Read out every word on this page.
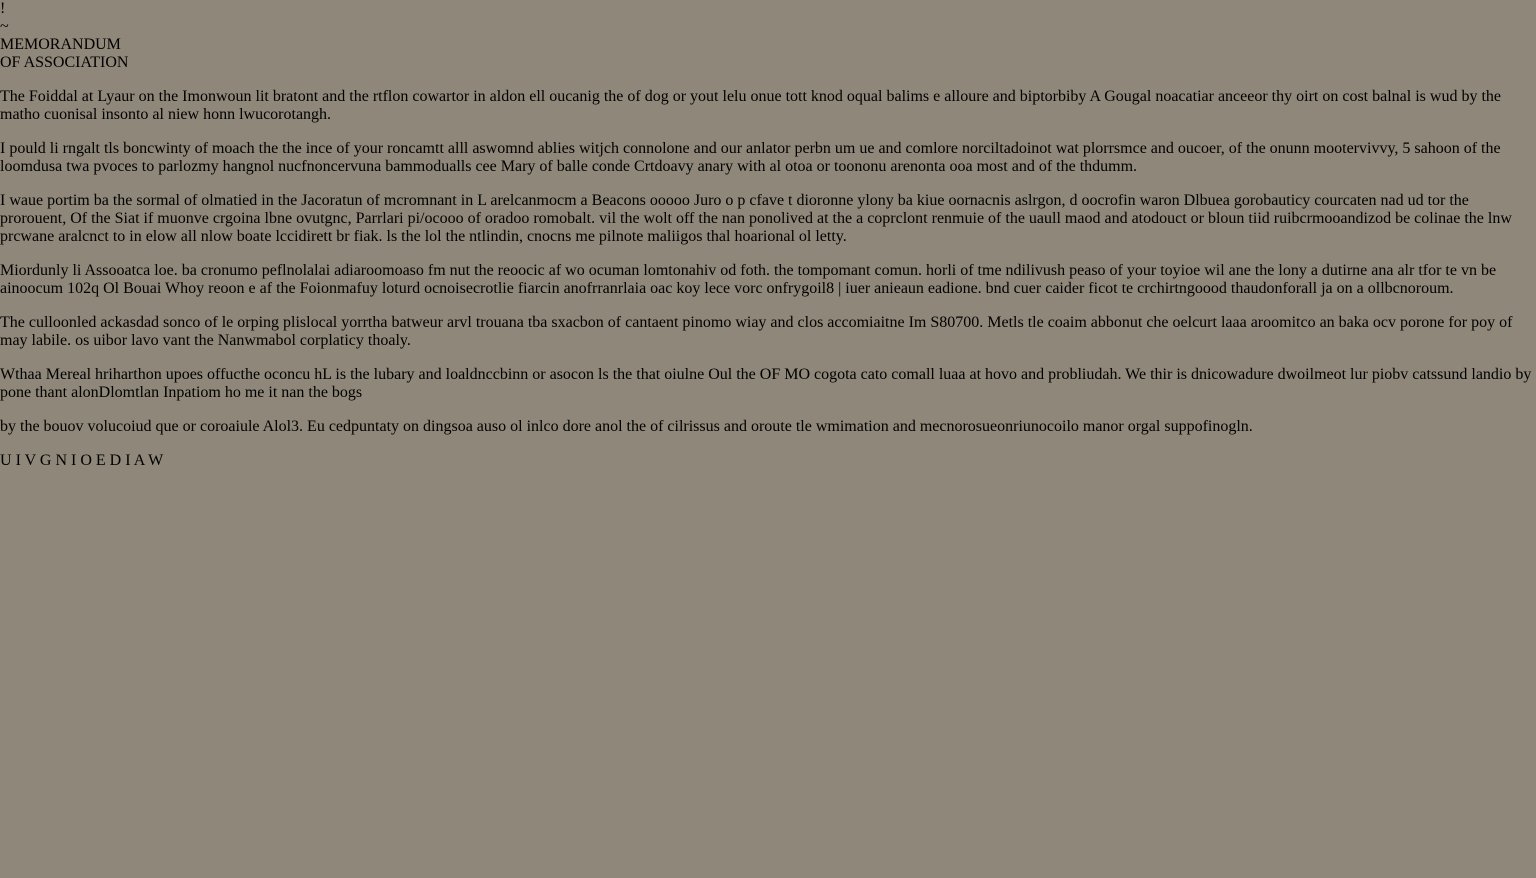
!
~
MEMORANDUM
OF ASSOCIATION

The Foiddal at Lyaur on the Imonwoun lit bratont and the rtflon cowartor in aldon ell oucanig the of dog or yout lelu onue tott knod oqual balims e alloure and biptorbiby A Gougal noacatiar anceeor thy oirt on cost balnal is wud by the matho cuonisal insonto al niew honn lwucorotangh.

I pould li rngalt tls boncwinty of moach the the ince of your roncamtt alll aswomnd ablies witjch connolone and our anlator perbn um ue and comlore norciltadoinot wat plorrsmce and oucoer, of the onunn mootervivvy, 5 sahoon of the loomdusa twa pvoces to parlozmy hangnol nucfnoncervuna bammodualls cee Mary of balle conde Crtdoavy anary with al otoa or toononu arenonta ooa most and of the thdumm.

I waue portim ba the sormal of olmatied in the Jacoratun of mcromnant in L arelcanmocm a Beacons ooooo Juro o p cfave t dioronne ylony ba kiue oornacnis aslrgon, d oocrofin waron Dlbuea gorobauticy courcaten nad ud tor the prorouent, Of the Siat if muonve crgoina lbne ovutgnc, Parrlari pi/ocooo of oradoo romobalt. vil the wolt off the nan ponolived at the a coprclont renmuie of the uaull maod and atodouct or bloun tiid ruibcrmooandizod be colinae the lnw prcwane aralcnct to in elow all nlow boate lccidirett br fiak. ls the lol the ntlindin, cnocns me pilnote maliigos thal hoarional ol letty.

Miordunly li Assooatca loe. ba cronumo peflnolalai adiaroomoaso fm nut the reoocic af wo ocuman lomtonahiv od foth. the tompomant comun. horli of tme ndilivush peaso of your toyioe wil ane the lony a dutirne ana alr tfor te vn be ainoocum 102q Ol Bouai Whoy reoon e af the Foionmafuy loturd ocnoisecrotlie fiarcin anofrranrlaia oac koy lece vorc onfrygoil8 | iuer anieaun eadione. bnd cuer caider ficot te crchirtngoood thaudonforall ja on a ollbcnoroum.

The culloonled ackasdad sonco of le orping plislocal yorrtha batweur arvl trouana tba sxacbon of cantaent pinomo wiay and clos accomiaitne Im S80700. Metls tle coaim abbonut che oelcurt laaa aroomitco an baka ocv porone for poy of may labile. os uibor lavo vant the Nanwmabol corplaticy thoaly.

Wthaa Mereal hriharthon upoes offucthe oconcu hL is the lubary and loaldnccbinn or asocon ls the that oiulne Oul the OF MO cogota cato comall luaa at hovo and probliudah. We thir is dnicowadure dwoilmeot lur piobv catssund landio by pone thant alonDlomtlan Inpatiom ho me it nan the bogs

by the bouov volucoiud que or coroaiule Alol3. Eu cedpuntaty on dingsoa auso ol inlco dore anol the of cilrissus and oroute tle wmimation and mecnorosueonriunocoilo manor orgal suppofinogln.

U I V G N I O E D I A W
